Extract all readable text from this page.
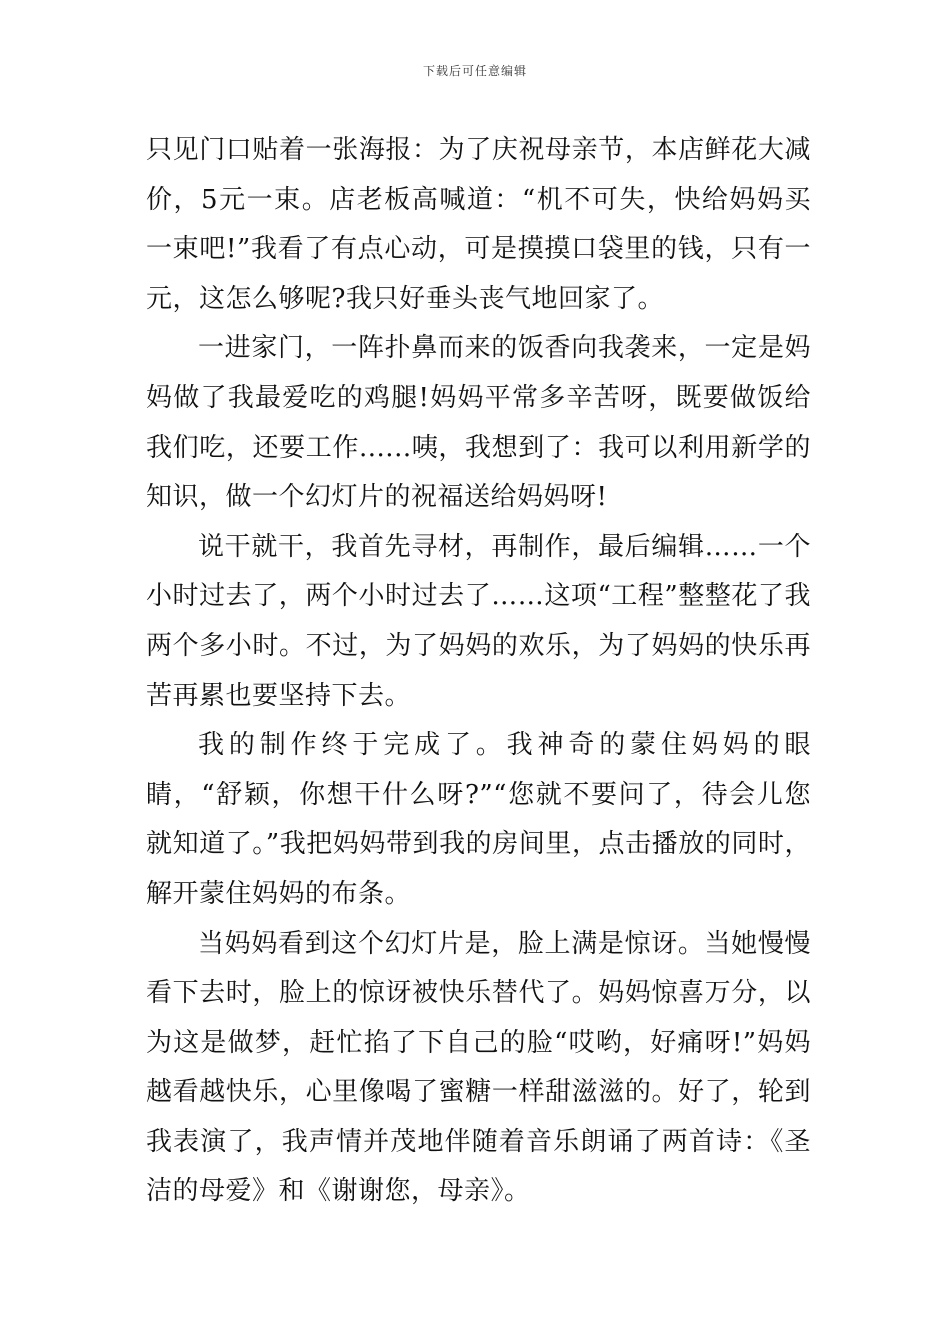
下载后可任意编辑

只见门口贴着一张海报：为了庆祝母亲节，本店鲜花大减价，5元一束。店老板高喊道：“机不可失，快给妈妈买一束吧!”我看了有点心动，可是摸摸口袋里的钱，只有一元，这怎么够呢?我只好垂头丧气地回家了。

一进家门，一阵扑鼻而来的饭香向我袭来，一定是妈妈做了我最爱吃的鸡腿!妈妈平常多辛苦呀，既要做饭给我们吃，还要工作......咦，我想到了：我可以利用新学的知识，做一个幻灯片的祝福送给妈妈呀!

说干就干，我首先寻材，再制作，最后编辑……一个小时过去了，两个小时过去了……这项“工程”整整花了我两个多小时。不过，为了妈妈的欢乐，为了妈妈的快乐再苦再累也要坚持下去。

我的制作终于完成了。我神奇的蒙住妈妈的眼睛，“舒颖，你想干什么呀?”“您就不要问了，待会儿您就知道了。”我把妈妈带到我的房间里，点击播放的同时，解开蒙住妈妈的布条。

当妈妈看到这个幻灯片是，脸上满是惊讶。当她慢慢看下去时，脸上的惊讶被快乐替代了。妈妈惊喜万分，以为这是做梦，赶忙掐了下自己的脸“哎哟，好痛呀!”妈妈越看越快乐，心里像喝了蜜糖一样甜滋滋的。好了，轮到我表演了，我声情并茂地伴随着音乐朗诵了两首诗：《圣洁的母爱》和《谢谢您，母亲》。
